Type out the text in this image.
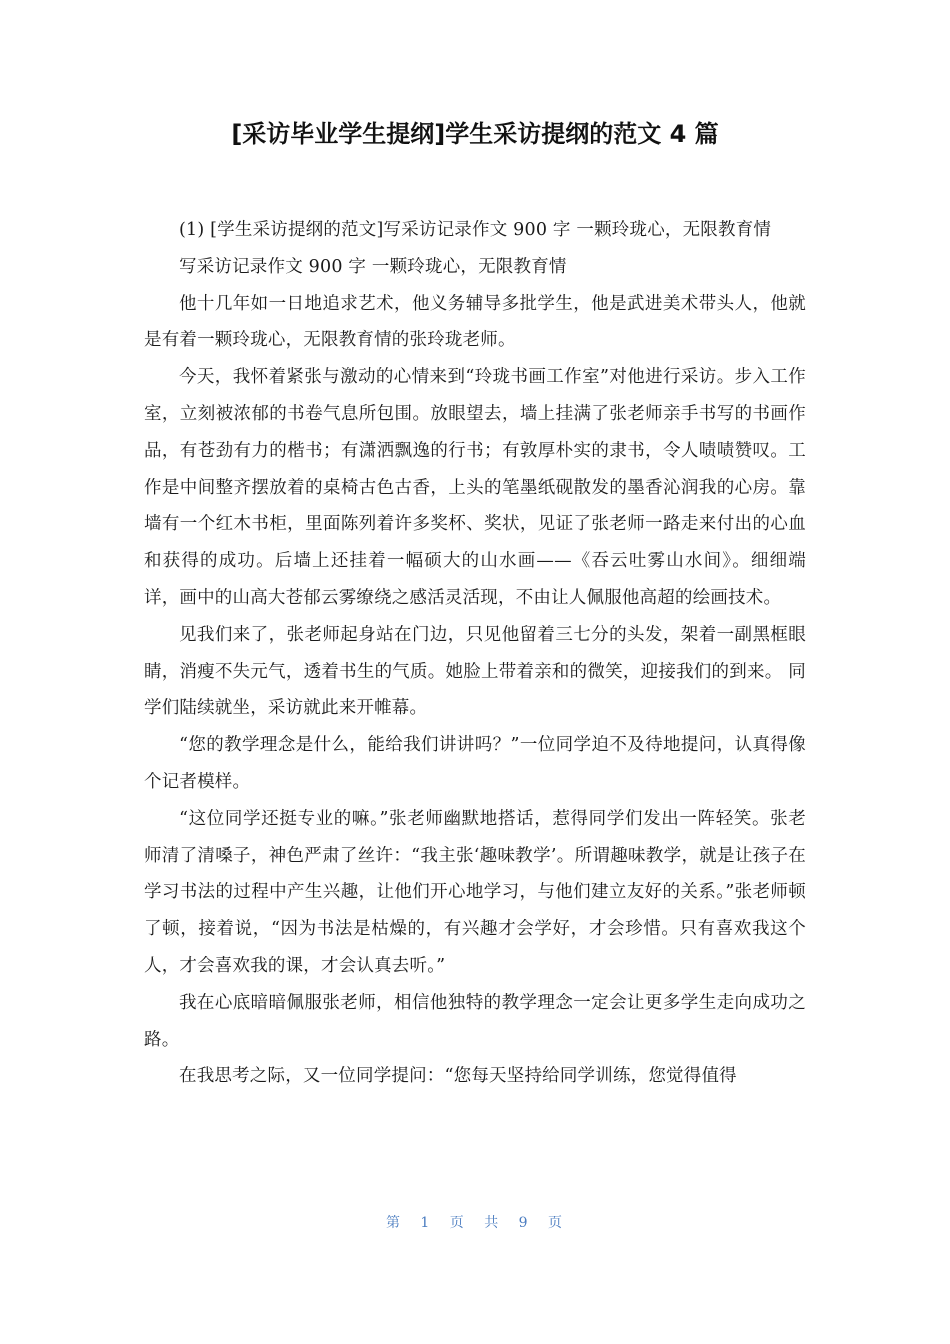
[采访毕业学生提纲]学生采访提纲的范文 4 篇

(1) [学生采访提纲的范文]写采访记录作文 900 字 一颗玲珑心，无限教育情

写采访记录作文 900 字 一颗玲珑心，无限教育情

他十几年如一日地追求艺术，他义务辅导多批学生，他是武进美术带头人，他就是有着一颗玲珑心，无限教育情的张玲珑老师。

今天，我怀着紧张与激动的心情来到“玲珑书画工作室”对他进行采访。步入工作室，立刻被浓郁的书卷气息所包围。放眼望去，墙上挂满了张老师亲手书写的书画作品，有苍劲有力的楷书；有潇洒飘逸的行书；有敦厚朴实的隶书，令人啧啧赞叹。工作是中间整齐摆放着的桌椅古色古香，上头的笔墨纸砚散发的墨香沁润我的心房。靠墙有一个红木书柜，里面陈列着许多奖杯、奖状，见证了张老师一路走来付出的心血和获得的成功。后墙上还挂着一幅硕大的山水画——《吞云吐雾山水间》。细细端详，画中的山高大苍郁云雾缭绕之感活灵活现，不由让人佩服他高超的绘画技术。

见我们来了，张老师起身站在门边，只见他留着三七分的头发，架着一副黑框眼睛，消瘦不失元气，透着书生的气质。她脸上带着亲和的微笑，迎接我们的到来。 同学们陆续就坐，采访就此来开帷幕。

“您的教学理念是什么，能给我们讲讲吗？”一位同学迫不及待地提问，认真得像个记者模样。

“这位同学还挺专业的嘛。”张老师幽默地搭话，惹得同学们发出一阵轻笑。张老师清了清嗓子，神色严肃了丝许：“我主张‘趣味教学’。所谓趣味教学，就是让孩子在学习书法的过程中产生兴趣，让他们开心地学习，与他们建立友好的关系。”张老师顿了顿，接着说，“因为书法是枯燥的，有兴趣才会学好，才会珍惜。只有喜欢我这个人，才会喜欢我的课，才会认真去听。”

我在心底暗暗佩服张老师，相信他独特的教学理念一定会让更多学生走向成功之路。

在我思考之际，又一位同学提问：“您每天坚持给同学训练，您觉得值得

第 1 页 共 9 页
